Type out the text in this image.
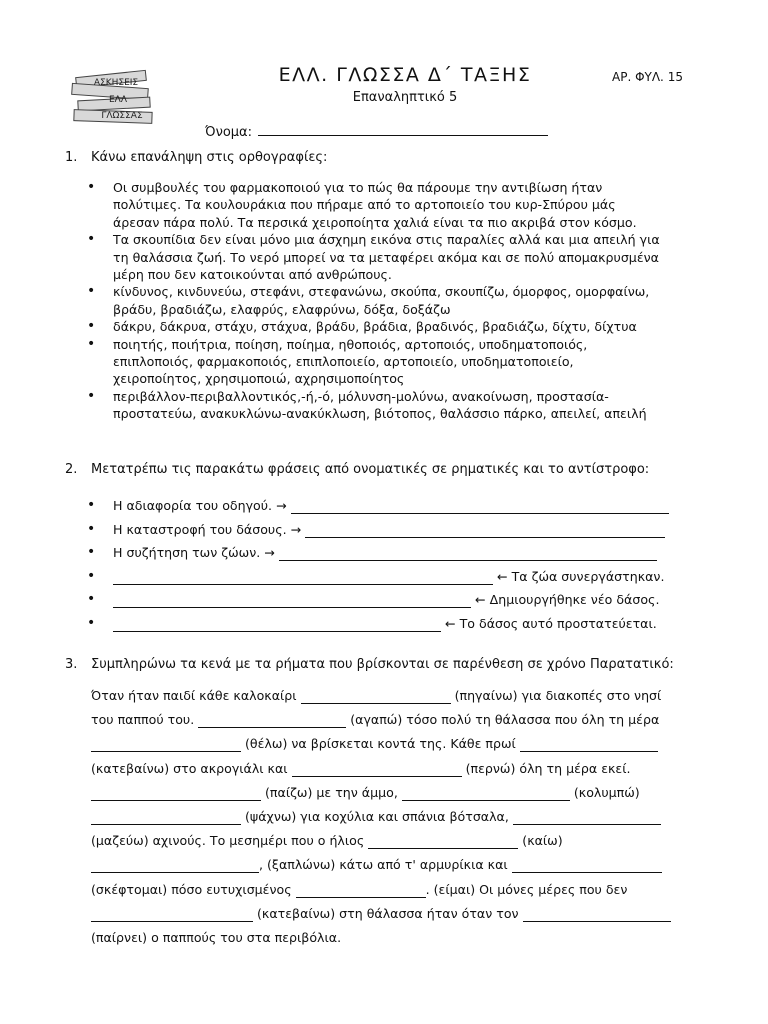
ΑΣΚΗΣΕΙΣ
ΕΛΛ
ΓΛΩΣΣΑΣ
ΕΛΛ. ΓΛΩΣΣΑ Δ΄ ΤΑΞΗΣ	ΑΡ. ΦΥΛ. 15
Επαναληπτικό 5
Όνομα:
1.	Κάνω επανάληψη στις ορθογραφίες:
• Οι συμβουλές του φαρμακοποιού για το πώς θα πάρουμε την αντιβίωση ήταν
πολύτιμες. Τα κουλουράκια που πήραμε από το αρτοποιείο του κυρ-Σπύρου μάς
άρεσαν πάρα πολύ. Τα περσικά χειροποίητα χαλιά είναι τα πιο ακριβά στον κόσμο.
• Τα σκουπίδια δεν είναι μόνο μια άσχημη εικόνα στις παραλίες αλλά και μια απειλή για
τη θαλάσσια ζωή. Το νερό μπορεί να τα μεταφέρει ακόμα και σε πολύ απομακρυσμένα
μέρη που δεν κατοικούνται από ανθρώπους.
• κίνδυνος, κινδυνεύω, στεφάνι, στεφανώνω, σκούπα, σκουπίζω, όμορφος, ομορφαίνω,
βράδυ, βραδιάζω, ελαφρύς, ελαφρύνω, δόξα, δοξάζω
• δάκρυ, δάκρυα, στάχυ, στάχυα, βράδυ, βράδια, βραδινός, βραδιάζω, δίχτυ, δίχτυα
• ποιητής, ποιήτρια, ποίηση, ποίημα, ηθοποιός, αρτοποιός, υποδηματοποιός,
επιπλοποιός, φαρμακοποιός, επιπλοποιείο, αρτοποιείο, υποδηματοποιείο,
χειροποίητος, χρησιμοποιώ, αχρησιμοποίητος
• περιβάλλον-περιβαλλοντικός,-ή,-ό, μόλυνση-μολύνω, ανακοίνωση, προστασία-
προστατεύω, ανακυκλώνω-ανακύκλωση, βιότοπος, θαλάσσιο πάρκο, απειλεί, απειλή
2.	Μετατρέπω τις παρακάτω φράσεις από ονοματικές σε ρηματικές και το αντίστροφο:
• Η αδιαφορία του οδηγού. →
• Η καταστροφή του δάσους. →
• Η συζήτηση των ζώων. →
• ← Τα ζώα συνεργάστηκαν.
• ← Δημιουργήθηκε νέο δάσος.
• ← Το δάσος αυτό προστατεύεται.
3.	Συμπληρώνω τα κενά με τα ρήματα που βρίσκονται σε παρένθεση σε χρόνο Παρατατικό:

Όταν ήταν παιδί κάθε καλοκαίρι	(πηγαίνω) για διακοπές στο νησί

του παππού του.	(αγαπώ) τόσο πολύ τη θάλασσα που όλη τη μέρα

(θέλω) να βρίσκεται κοντά της. Κάθε πρωί

(κατεβαίνω) στο ακρογιάλι και	(περνώ) όλη τη μέρα εκεί.

(παίζω) με την άμμο,	(κολυμπώ)

(ψάχνω) για κοχύλια και σπάνια βότσαλα,

(μαζεύω) αχινούς. Το μεσημέρι που ο ήλιος	(καίω)

, (ξαπλώνω) κάτω από τ' αρμυρίκια και

(σκέφτομαι) πόσο ευτυχισμένος	. (είμαι) Οι μόνες μέρες που δεν

(κατεβαίνω) στη θάλασσα ήταν όταν τον

(παίρνει) ο παππούς του στα περιβόλια.
